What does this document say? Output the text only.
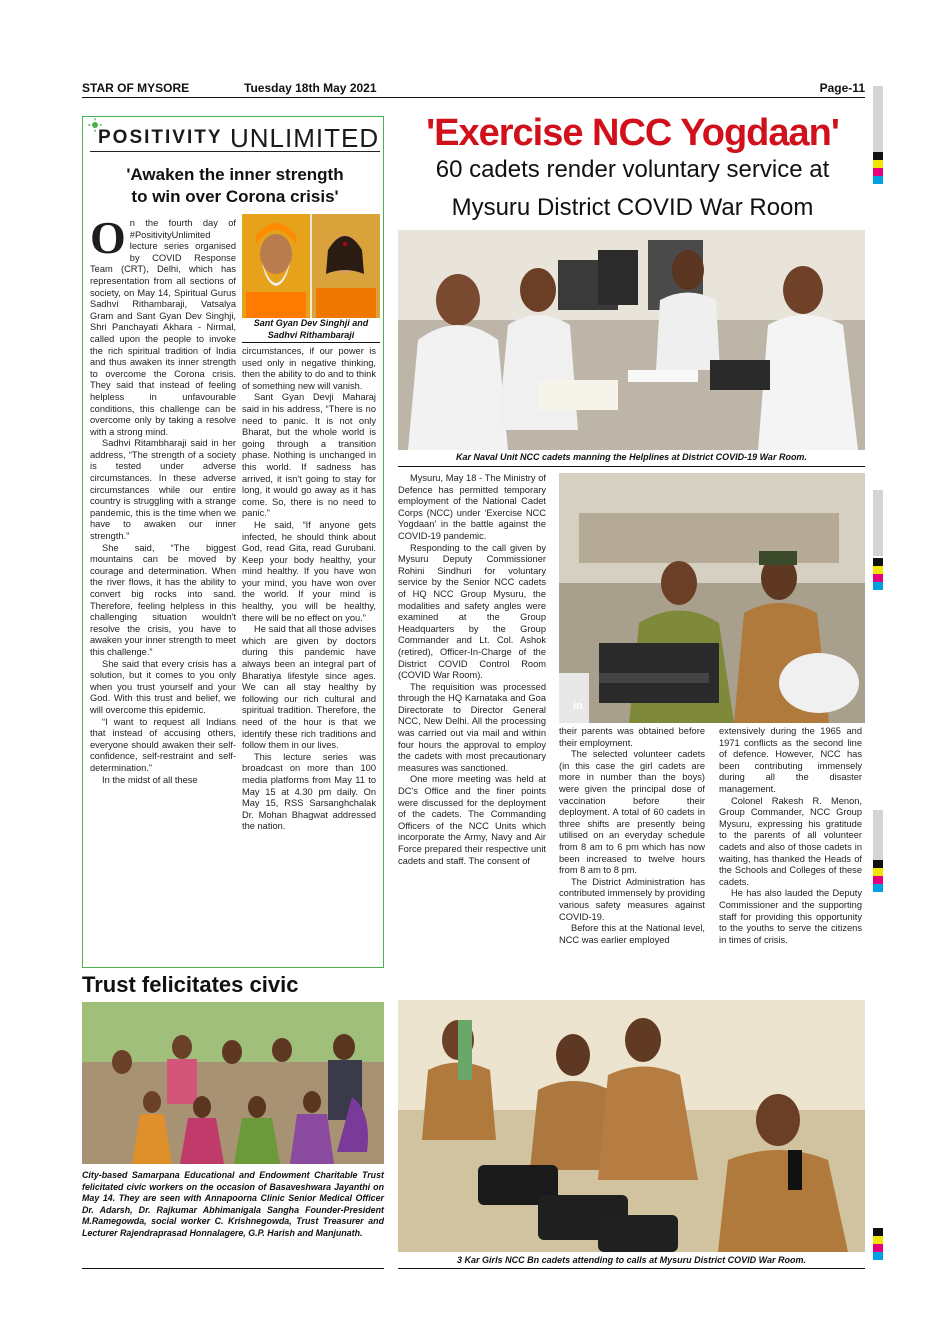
STAR OF MYSORE	Tuesday 18th May 2021	Page-11
POSITIVITY UNLIMITED
'Awaken the inner strength
to win over Corona crisis'

On the fourth day of #PositivityUnlimited lecture series organised by COVID Response Team (CRT), Delhi, which has representation from all sections of society, on May 14, Spiritual Gurus Sadhvi Rithambaraji, Vatsalya Gram and Sant Gyan Dev Singhji, Shri Panchayati Akhara - Nirmal, called upon the people to invoke the rich spiritual tradition of India and thus awaken its inner strength to overcome the Corona crisis. They said that instead of feeling helpless in unfavourable conditions, this challenge can be overcome only by taking a resolve with a strong mind.

Sadhvi Ritambharaji said in her address, “The strength of a society is tested under adverse circumstances. In these adverse circumstances while our entire country is struggling with a strange pandemic, this is the time when we have to awaken our inner strength.”

She said, “The biggest mountains can be moved by courage and determination. When the river flows, it has the ability to convert big rocks into sand. Therefore, feeling helpless in this challenging situation wouldn't resolve the crisis, you have to awaken your inner strength to meet this challenge.”

She said that every crisis has a solution, but it comes to you only when you trust yourself and your God. With this trust and belief, we will overcome this epidemic.

“I want to request all Indians that instead of accusing others, everyone should awaken their self-confidence, self-restraint and self-determination.”

In the midst of all these

Sant Gyan Dev Singhji and
Sadhvi Rithambaraji

circumstances, if our power is used only in negative thinking, then the ability to do and to think of something new will vanish.

Sant Gyan Devji Maharaj said in his address, “There is no need to panic. It is not only Bharat, but the whole world is going through a transition phase. Nothing is unchanged in this world. If sadness has arrived, it isn't going to stay for long, it would go away as it has come. So, there is no need to panic.”

He said, “If anyone gets infected, he should think about God, read Gita, read Gurubani. Keep your body healthy, your mind healthy. If you have won your mind, you have won over the world. If your mind is healthy, you will be healthy, there will be no effect on you.”

He said that all those advises which are given by doctors during this pandemic have always been an integral part of Bharatiya lifestyle since ages. We can all stay healthy by following our rich cultural and spiritual tradition. Therefore, the need of the hour is that we identify these rich traditions and follow them in our lives.

This lecture series was broadcast on more than 100 media platforms from May 11 to May 15 at 4.30 pm daily. On May 15, RSS Sarsanghchalak Dr. Mohan Bhagwat addressed the nation.

'Exercise NCC Yogdaan'
60 cadets render voluntary service at
Mysuru District COVID War Room
Kar Naval Unit NCC cadets manning the Helplines at District COVID-19 War Room.

Mysuru, May 18 - The Ministry of Defence has permitted temporary employment of the National Cadet Corps (NCC) under ‘Exercise NCC Yogdaan’ in the battle against the COVID-19 pandemic.

Responding to the call given by Mysuru Deputy Commissioner Rohini Sindhuri for voluntary service by the Senior NCC cadets of HQ NCC Group Mysuru, the modalities and safety angles were examined at the Group Headquarters by the Group Commander and Lt. Col. Ashok (retired), Officer-In-Charge of the District COVID Control Room (COVID War Room).

The requisition was processed through the HQ Karnataka and Goa Directorate to Director General NCC, New Delhi. All the processing was carried out via mail and within four hours the approval to employ the cadets with most precautionary measures was sanctioned.

One more meeting was held at DC's Office and the finer points were discussed for the deployment of the cadets. The Commanding Officers of the NCC Units which incorporate the Army, Navy and Air Force prepared their respective unit cadets and staff. The consent of

in

their parents was obtained before their employment.

The selected volunteer cadets (in this case the girl cadets are more in number than the boys) were given the principal dose of vaccination before their deployment. A total of 60 cadets in three shifts are presently being utilised on an everyday schedule from 8 am to 6 pm which has now been increased to twelve hours from 8 am to 8 pm.

The District Administration has contributed immensely by providing various safety measures against COVID-19.

Before this at the National level, NCC was earlier employed

extensively during the 1965 and 1971 conflicts as the second line of defence. However, NCC has been contributing immensely during all the disaster management.

Colonel Rakesh R. Menon, Group Commander, NCC Group Mysuru, expressing his gratitude to the parents of all volunteer cadets and also of those cadets in waiting, has thanked the Heads of the Schools and Colleges of these cadets.

He has also lauded the Deputy Commissioner and the supporting staff for providing this opportunity to the youths to serve the citizens in times of crisis.

3 Kar Girls NCC Bn cadets attending to calls at Mysuru District COVID War Room.
Trust felicitates civic
City-based Samarpana Educational and Endowment Charitable Trust felicitated civic workers on the occasion of Basaveshwara Jayanthi on May 14. They are seen with Annapoorna Clinic Senior Medical Officer Dr. Adarsh, Dr. Rajkumar Abhimanigala Sangha Founder-President M.Ramegowda, social worker C. Krishnegowda, Trust Treasurer and Lecturer Rajendraprasad Honnalagere, G.P. Harish and Manjunath.
